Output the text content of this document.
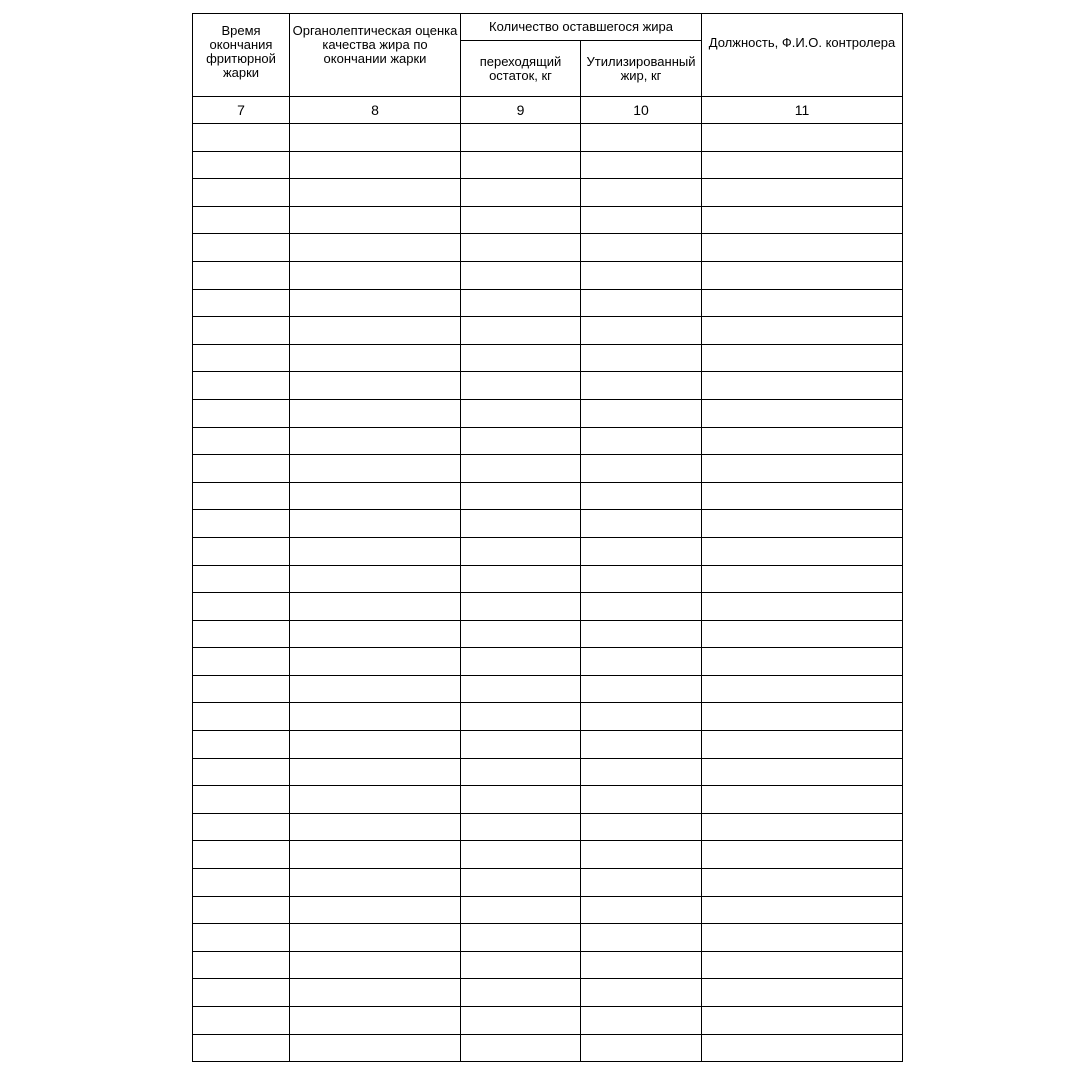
Время окончания фритюрной жарки	Органолептическая оценка качества жира по окончании жарки	Количество оставшегося жира		Должность, Ф.И.О. контролера
		переходящий остаток, кг	Утилизированный жир, кг	
7	8	9	10	11
